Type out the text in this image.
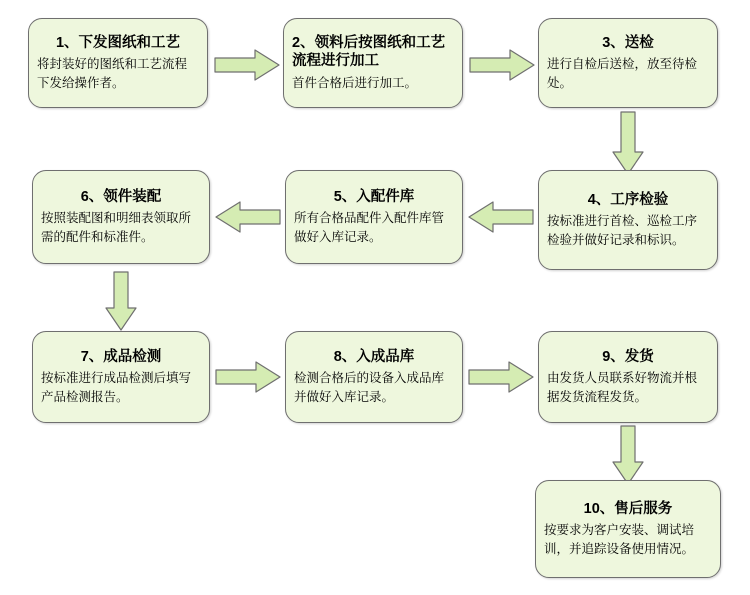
1、下发图纸和工艺
将封装好的图纸和工艺流程下发给操作者。
2、领料后按图纸和工艺流程进行加工
首件合格后进行加工。
3、送检
进行自检后送检，放至待检处。
6、领件装配
按照装配图和明细表领取所需的配件和标准件。
5、入配件库
所有合格品配件入配件库管做好入库记录。
4、工序检验
按标准进行首检、巡检工序检验并做好记录和标识。
7、成品检测
按标准进行成品检测后填写产品检测报告。
8、入成品库
检测合格后的设备入成品库并做好入库记录。
9、发货
由发货人员联系好物流并根据发货流程发货。
10、售后服务
按要求为客户安装、调试培训，并追踪设备使用情况。
